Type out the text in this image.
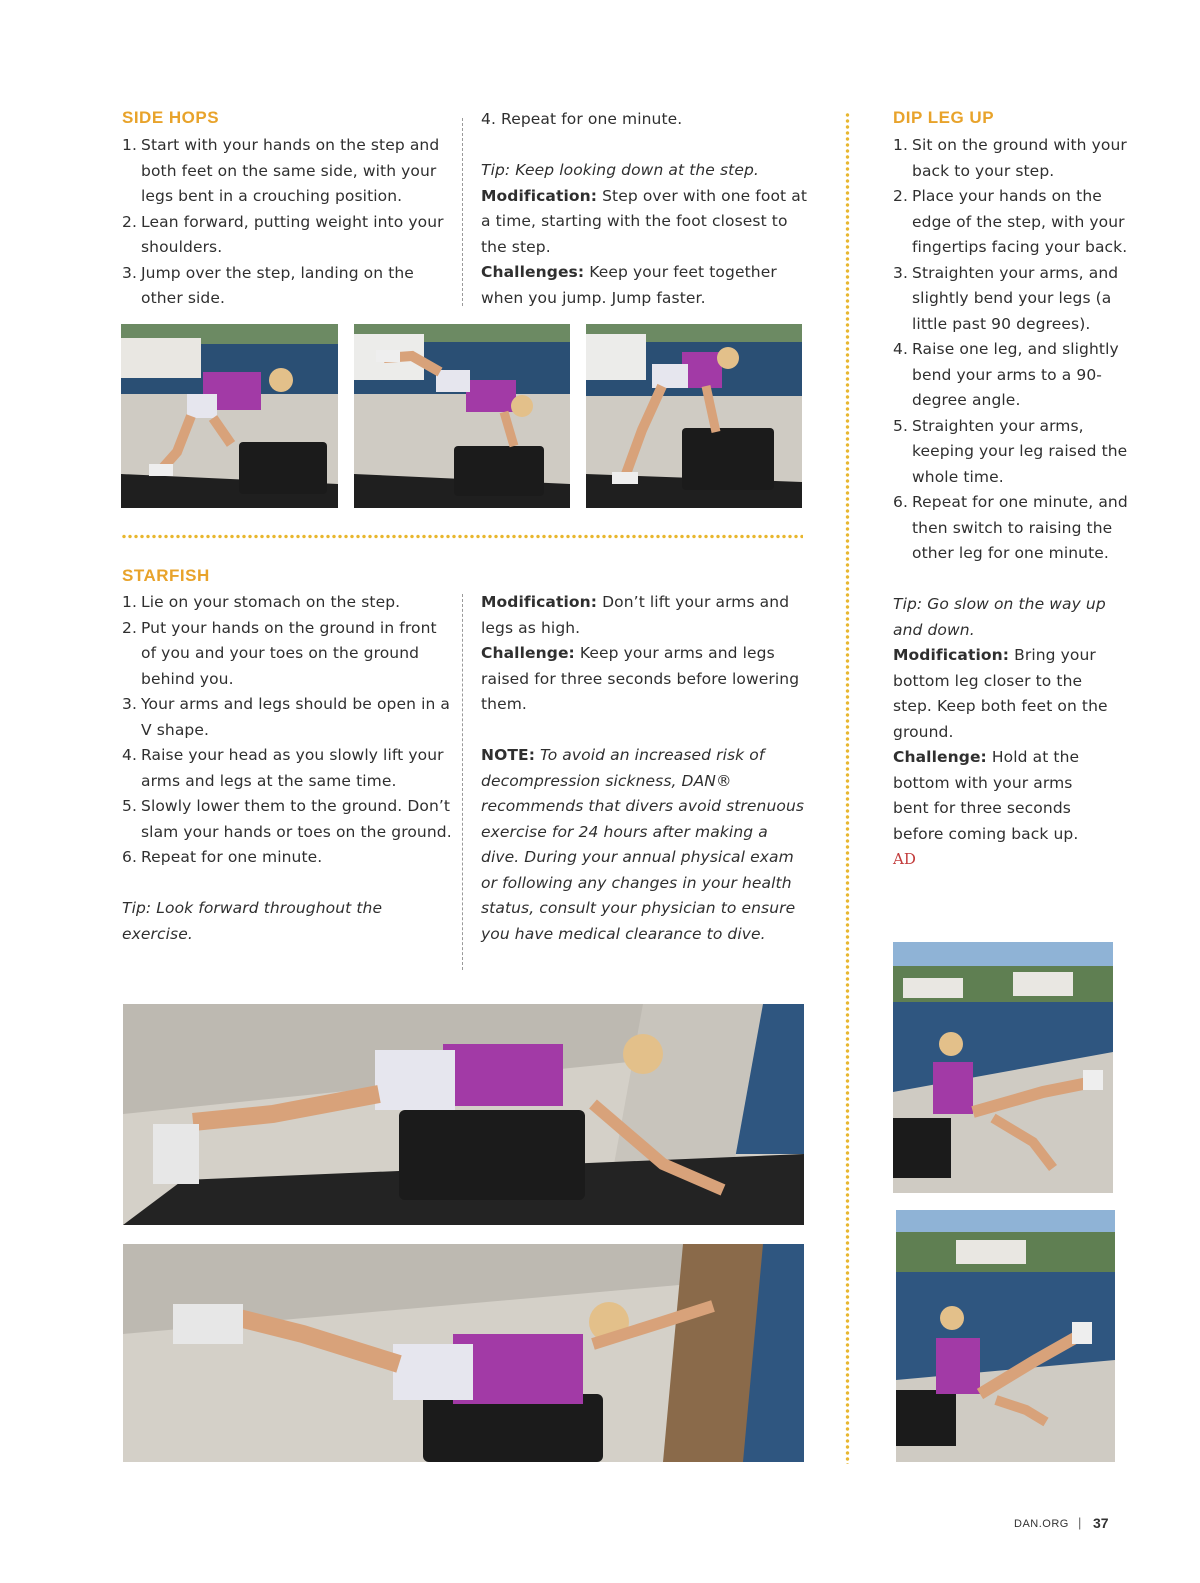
SIDE HOPS
1. Start with your hands on the step and both feet on the same side, with your legs bent in a crouching position.
2. Lean forward, putting weight into your shoulders.
3. Jump over the step, landing on the other side.
4. Repeat for one minute.
Tip: Keep looking down at the step.
Modification: Step over with one foot at a time, starting with the foot closest to the step.
Challenges: Keep your feet together when you jump. Jump faster.
STARFISH
1. Lie on your stomach on the step.
2. Put your hands on the ground in front of you and your toes on the ground behind you.
3. Your arms and legs should be open in a V shape.
4. Raise your head as you slowly lift your arms and legs at the same time.
5. Slowly lower them to the ground. Don’t slam your hands or toes on the ground.
6. Repeat for one minute.
Tip: Look forward throughout the exercise.
Modification: Don’t lift your arms and legs as high.
Challenge: Keep your arms and legs raised for three seconds before lowering them.
NOTE: To avoid an increased risk of decompression sickness, DAN® recommends that divers avoid strenuous exercise for 24 hours after making a dive. During your annual physical exam or following any changes in your health status, consult your physician to ensure you have medical clearance to dive.
DIP LEG UP
1. Sit on the ground with your back to your step.
2. Place your hands on the edge of the step, with your fingertips facing your back.
3. Straighten your arms, and slightly bend your legs (a little past 90 degrees).
4. Raise one leg, and slightly bend your arms to a 90-degree angle.
5. Straighten your arms, keeping your leg raised the whole time.
6. Repeat for one minute, and then switch to raising the other leg for one minute.
Tip: Go slow on the way up and down.
Modification: Bring your bottom leg closer to the step. Keep both feet on the ground.
Challenge: Hold at the bottom with your arms bent for three seconds before coming back up. AD
DAN.ORG | 37
